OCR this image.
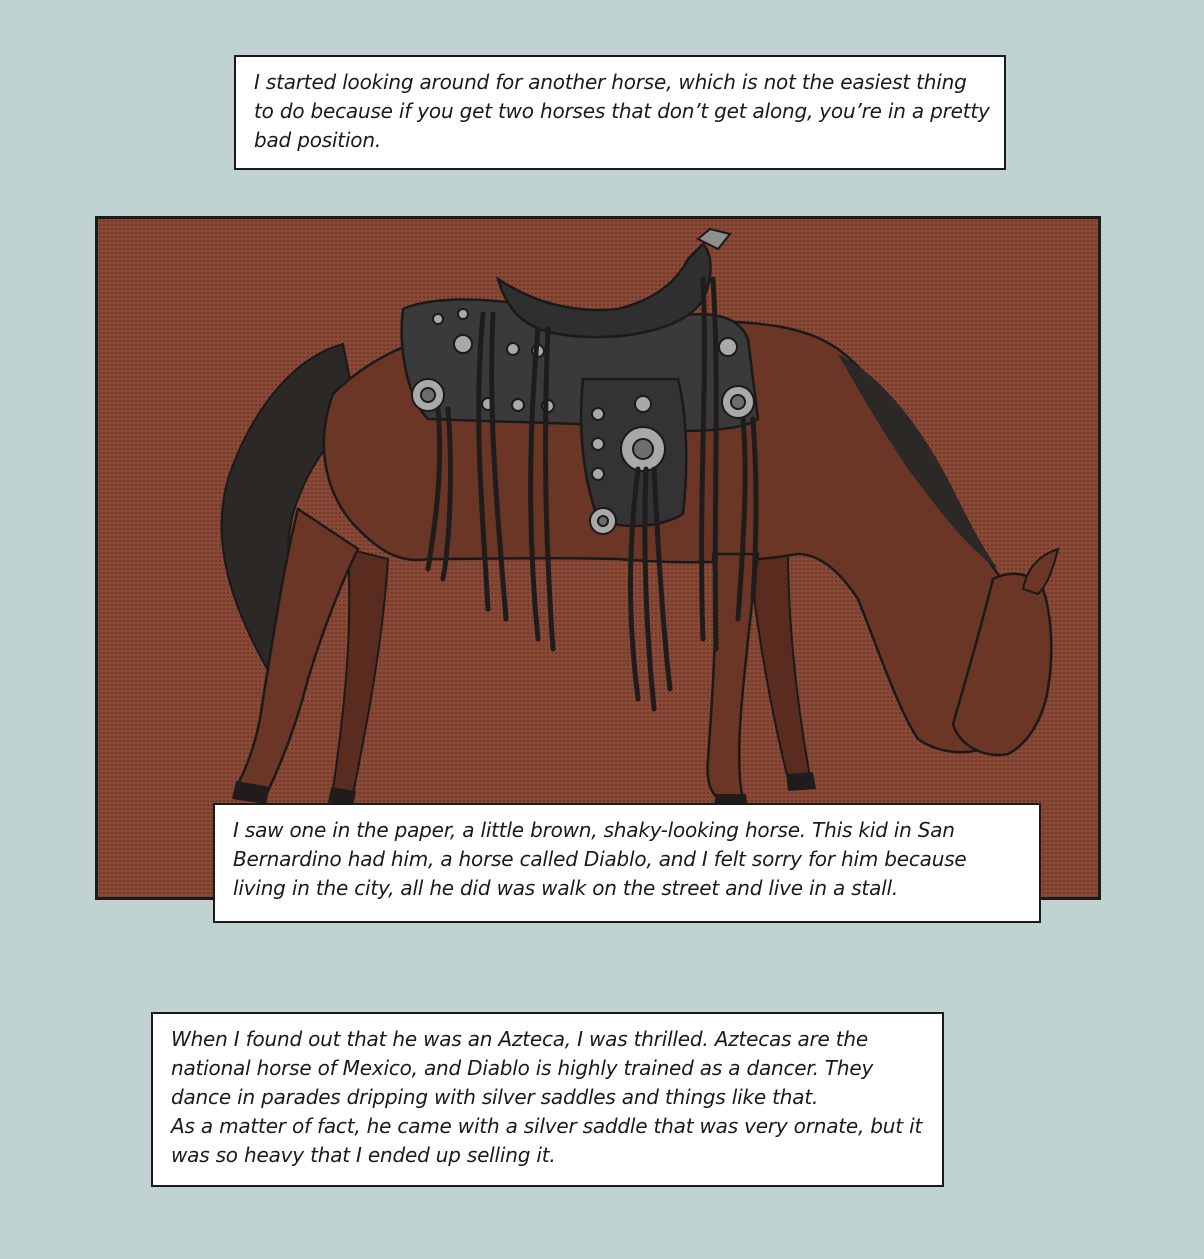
I started looking around for another horse, which is not the easiest thing to do because if you get two horses that don’t get along, you’re in a pretty bad position.

I saw one in the paper, a little brown, shaky-looking horse. This kid in San Bernardino had him, a horse called Diablo, and I felt sorry for him because living in the city, all he did was walk on the street and live in a stall.

When I found out that he was an Azteca, I was thrilled. Aztecas are the national horse of Mexico, and Diablo is highly trained as a dancer. They dance in parades dripping with silver saddles and things like that.

As a matter of fact, he came with a silver saddle that was very ornate, but it was so heavy that I ended up selling it.
